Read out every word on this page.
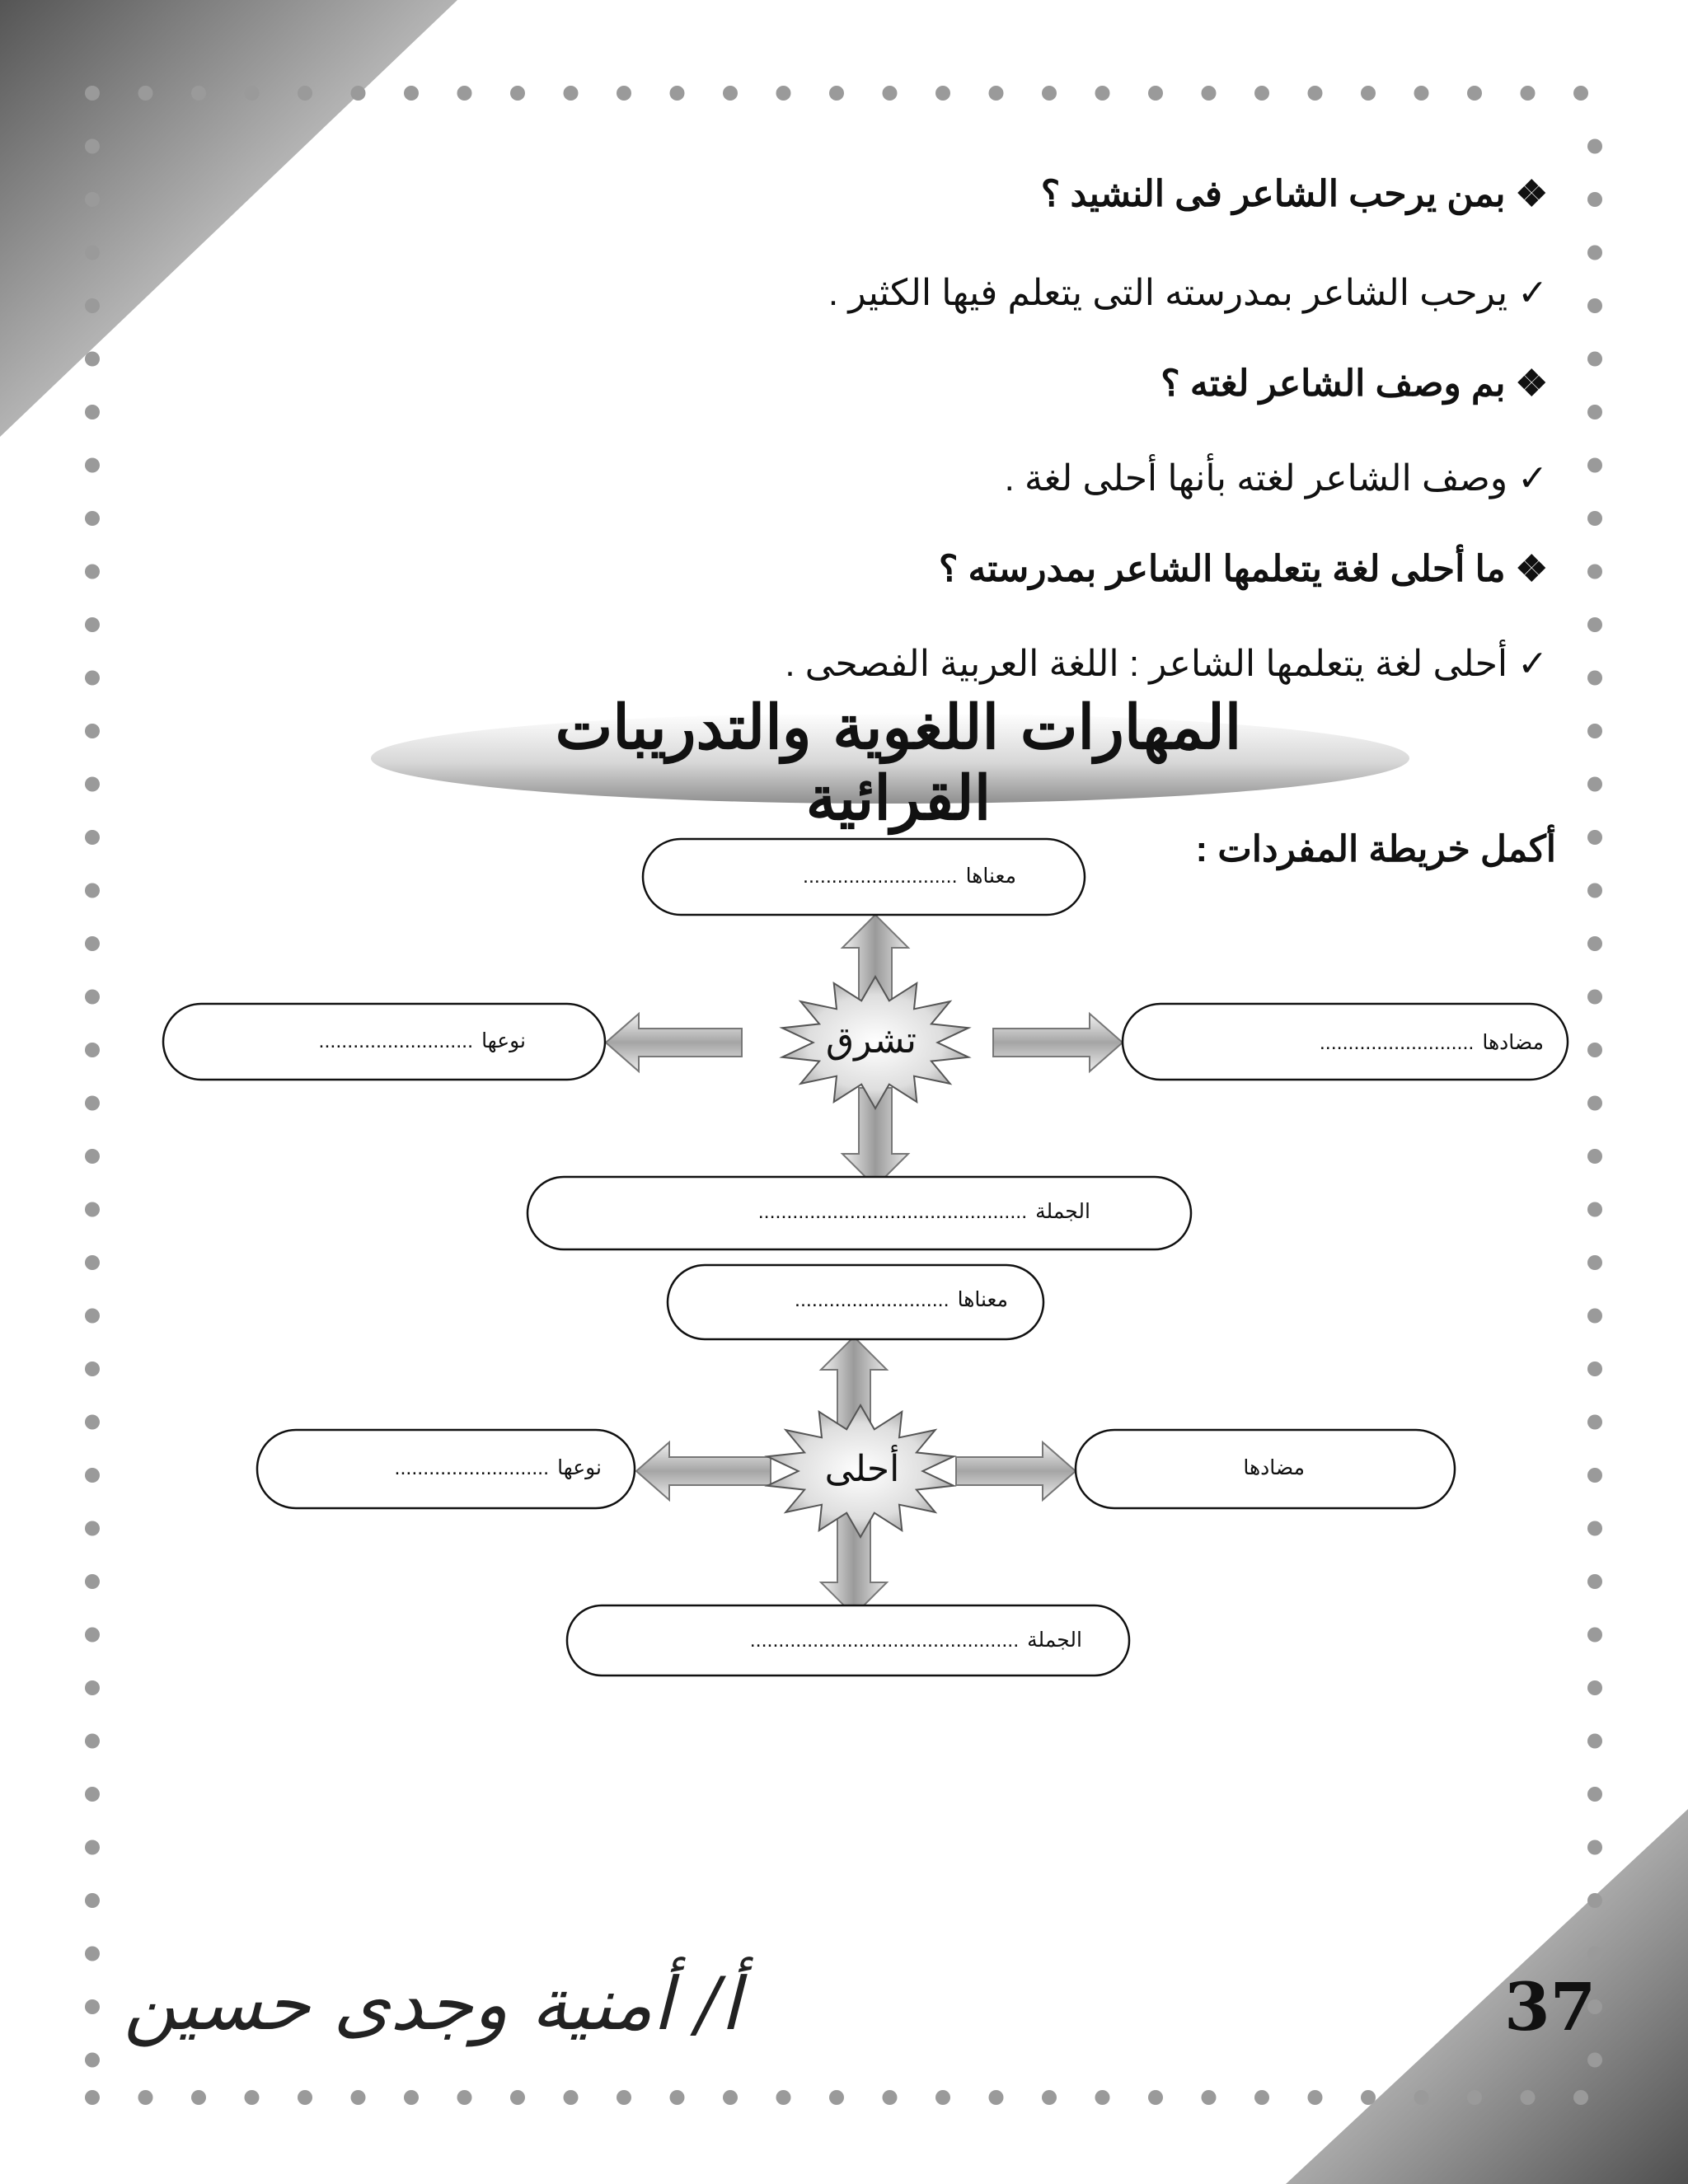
❖بمن يرحب الشاعر فى النشيد ؟

✓يرحب الشاعر بمدرسته التى يتعلم فيها الكثير .

❖بم وصف الشاعر لغته ؟

✓وصف الشاعر لغته بأنها أحلى لغة .

❖ما أحلى لغة يتعلمها الشاعر بمدرسته ؟

✓أحلى لغة يتعلمها الشاعر : اللغة العربية الفصحى .

المهارات اللغوية والتدريبات القرائية
أكمل خريطة المفردات :
معناها...........................
نوعها...........................	مضادها...........................
الجملة...............................................
تشرق
معناها...........................
نوعها...........................	مضادها
الجملة...............................................
أحلى
37
أ/ أمنية وجدى حسين
